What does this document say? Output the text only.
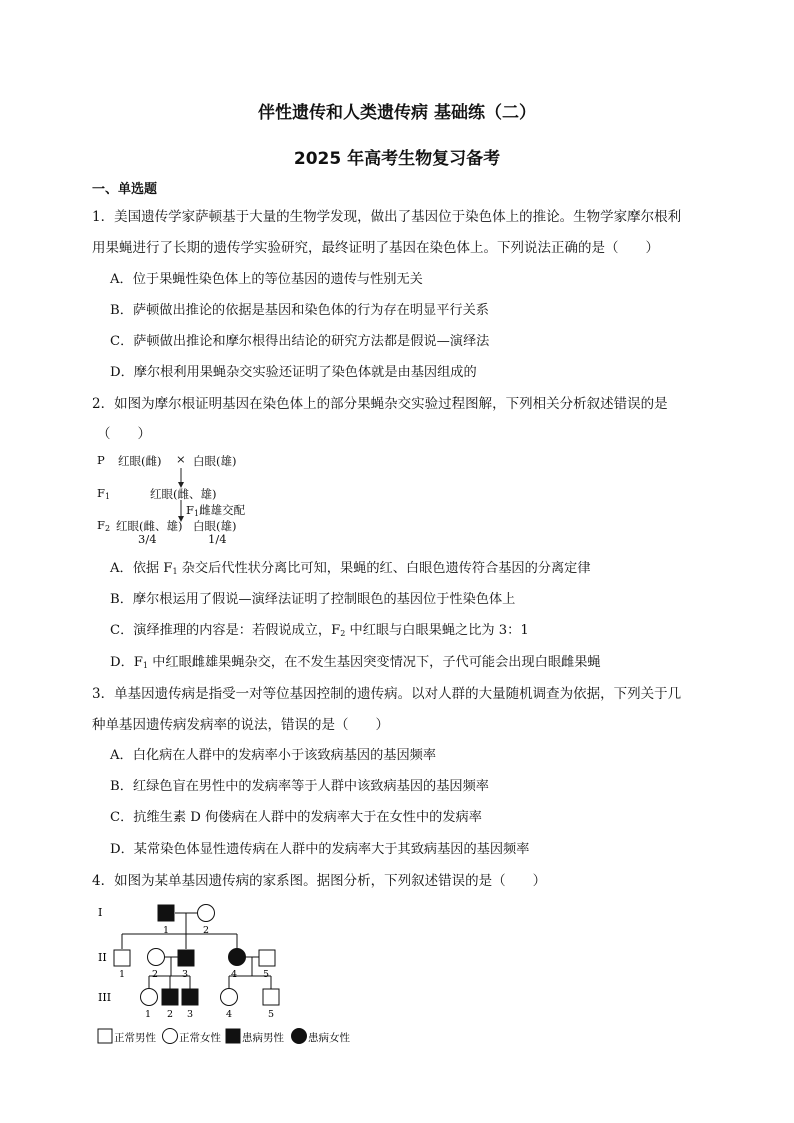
伴性遗传和人类遗传病 基础练（二）
2025 年高考生物复习备考
一、单选题
1．美国遗传学家萨顿基于大量的生物学发现，做出了基因位于染色体上的推论。生物学家摩尔根利
用果蝇进行了长期的遗传学实验研究，最终证明了基因在染色体上。下列说法正确的是（　　）
A．位于果蝇性染色体上的等位基因的遗传与性别无关
B．萨顿做出推论的依据是基因和染色体的行为存在明显平行关系
C．萨顿做出推论和摩尔根得出结论的研究方法都是假说—演绎法
D．摩尔根利用果蝇杂交实验还证明了染色体就是由基因组成的
2．如图为摩尔根证明基因在染色体上的部分果蝇杂交实验过程图解，下列相关分析叙述错误的是
（　　）
P 红眼(雌) × 白眼(雄)
$F_1$	红眼(雌、雄)
$F_1$雌雄交配
$F_2$ 红眼(雌、雄) 白眼(雄)
3/4	1/4
A．依据 $F_1$ 杂交后代性状分离比可知，果蝇的红、白眼色遗传符合基因的分离定律
B．摩尔根运用了假说—演绎法证明了控制眼色的基因位于性染色体上
C．演绎推理的内容是：若假说成立，$F_2$ 中红眼与白眼果蝇之比为 3：1
D．$F_1$ 中红眼雌雄果蝇杂交，在不发生基因突变情况下，子代可能会出现白眼雌果蝇
3．单基因遗传病是指受一对等位基因控制的遗传病。以对人群的大量随机调查为依据，下列关于几
种单基因遗传病发病率的说法，错误的是（　　）
A．白化病在人群中的发病率小于该致病基因的基因频率
B．红绿色盲在男性中的发病率等于人群中该致病基因的基因频率
C．抗维生素 D 佝偻病在人群中的发病率大于在女性中的发病率
D．某常染色体显性遗传病在人群中的发病率大于其致病基因的基因频率
4．如图为某单基因遗传病的家系图。据图分析，下列叙述错误的是（　　）
I
II
III
1	2
1	2	3	4	5
1 2 3	4	5
正常男性 正常女性 患病男性 患病女性
